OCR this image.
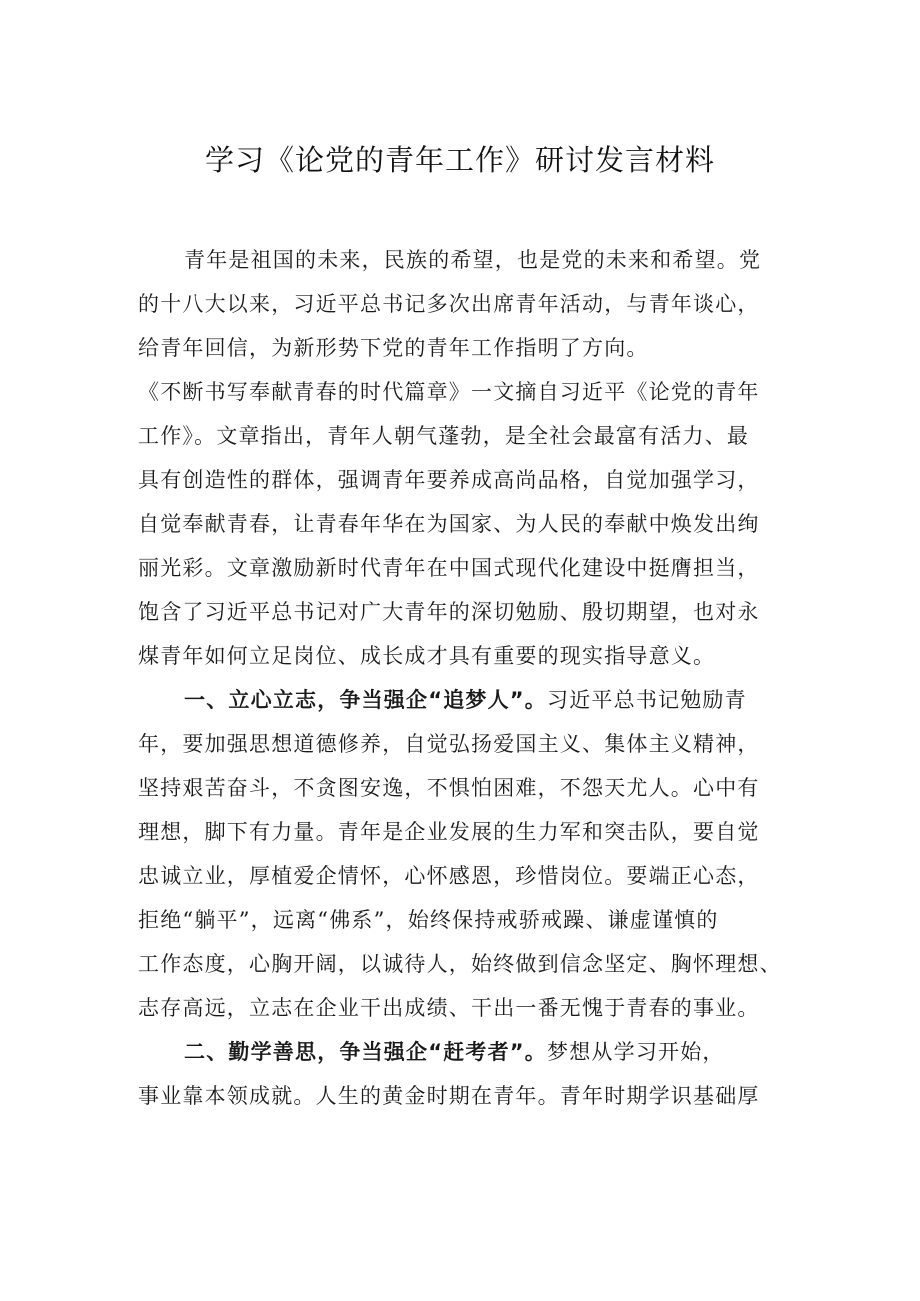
学习《论党的青年工作》研讨发言材料
青年是祖国的未来，民族的希望，也是党的未来和希望。党
的十八大以来，习近平总书记多次出席青年活动，与青年谈心，
给青年回信，为新形势下党的青年工作指明了方向。
《不断书写奉献青春的时代篇章》一文摘自习近平《论党的青年
工作》。文章指出，青年人朝气蓬勃，是全社会最富有活力、最
具有创造性的群体，强调青年要养成高尚品格，自觉加强学习，
自觉奉献青春，让青春年华在为国家、为人民的奉献中焕发出绚
丽光彩。文章激励新时代青年在中国式现代化建设中挺膺担当，
饱含了习近平总书记对广大青年的深切勉励、殷切期望，也对永
煤青年如何立足岗位、成长成才具有重要的现实指导意义。
一、立心立志，争当强企“追梦人”。习近平总书记勉励青
年，要加强思想道德修养，自觉弘扬爱国主义、集体主义精神，
坚持艰苦奋斗，不贪图安逸，不惧怕困难，不怨天尤人。心中有
理想，脚下有力量。青年是企业发展的生力军和突击队，要自觉
忠诚立业，厚植爱企情怀，心怀感恩，珍惜岗位。要端正心态，
拒绝“躺平”，远离“佛系”，始终保持戒骄戒躁、谦虚谨慎的
工作态度，心胸开阔，以诚待人，始终做到信念坚定、胸怀理想、
志存高远，立志在企业干出成绩、干出一番无愧于青春的事业。
二、勤学善思，争当强企“赶考者”。梦想从学习开始，
事业靠本领成就。人生的黄金时期在青年。青年时期学识基础厚
